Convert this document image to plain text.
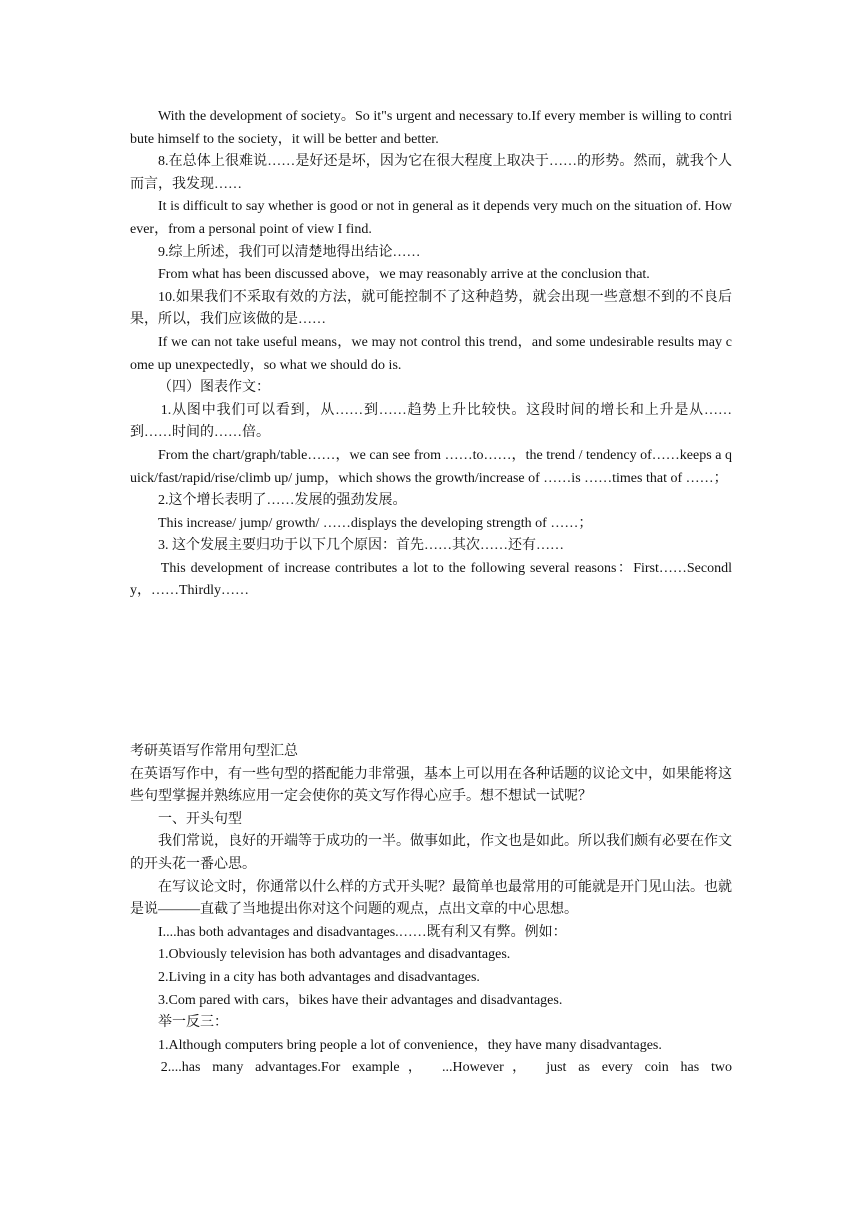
With the development of society。So it"s urgent and necessary to.If every member is willing to contribute himself to the society，it will be better and better.

8.在总体上很难说……是好还是坏，因为它在很大程度上取决于……的形势。然而，就我个人而言，我发现……

It is difficult to say whether is good or not in general as it depends very much on the situation of. However，from a personal point of view I find.

9.综上所述，我们可以清楚地得出结论……

From what has been discussed above，we may reasonably arrive at the conclusion that.

10.如果我们不采取有效的方法，就可能控制不了这种趋势，就会出现一些意想不到的不良后果，所以，我们应该做的是……

If we can not take useful means，we may not control this trend，and some undesirable results may come up unexpectedly，so what we should do is.

（四）图表作文：

1.从图中我们可以看到，从……到……趋势上升比较快。这段时间的增长和上升是从……到……时间的……倍。

From the chart/graph/table……，we can see from ……to……，the trend / tendency of……keeps a quick/fast/rapid/rise/climb up/ jump，which shows the growth/increase of ……is ……times that of ……；

2.这个增长表明了……发展的强劲发展。

This increase/ jump/ growth/ ……displays the developing strength of ……；

3. 这个发展主要归功于以下几个原因：首先……其次……还有……

This development of increase contributes a lot to the following several reasons：First……Secondly，……Thirdly……

考研英语写作常用句型汇总

在英语写作中，有一些句型的搭配能力非常强，基本上可以用在各种话题的议论文中，如果能将这些句型掌握并熟练应用一定会使你的英文写作得心应手。想不想试一试呢？

一、开头句型

我们常说，良好的开端等于成功的一半。做事如此，作文也是如此。所以我们颇有必要在作文的开头花一番心思。

在写议论文时，你通常以什么样的方式开头呢？最简单也最常用的可能就是开门见山法。也就是说———直截了当地提出你对这个问题的观点，点出文章的中心思想。

I....has both advantages and disadvantages.……既有利又有弊。例如：

1.Obviously television has both advantages and disadvantages.

2.Living in a city has both advantages and disadvantages.

3.Com pared with cars，bikes have their advantages and disadvantages.

举一反三：

1.Although computers bring people a lot of convenience，they have many disadvantages.

2....has many advantages.For example， ...However， just as every coin has two
